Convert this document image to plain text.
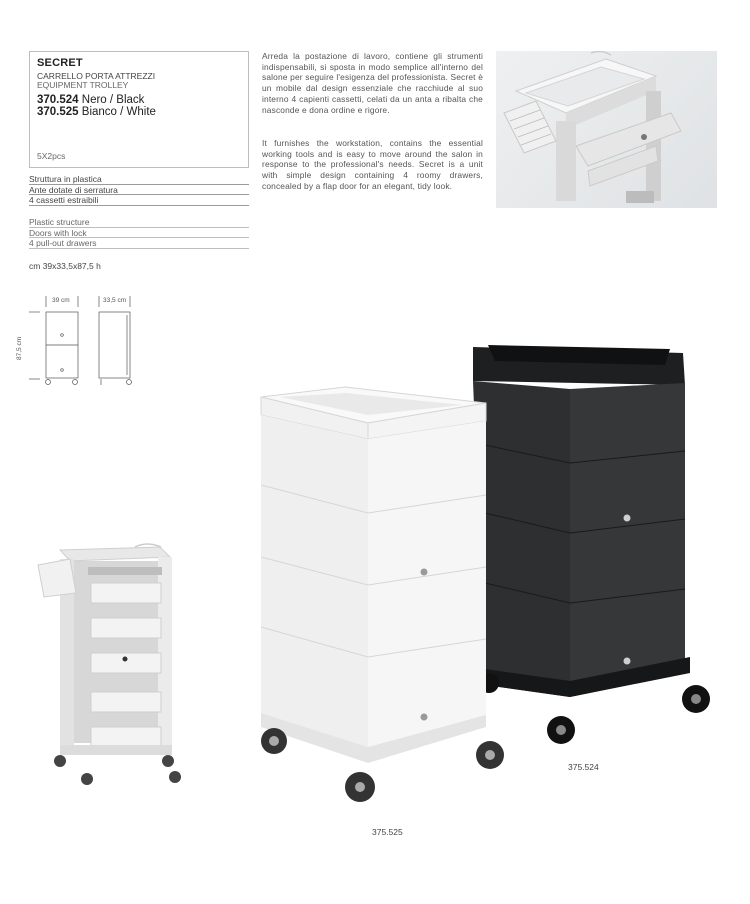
SECRET
CARRELLO PORTA ATTREZZI
EQUIPMENT TROLLEY
370.524 Nero / Black
370.525 Bianco / White
5X2pcs
Struttura in plastica
Ante dotate di serratura
4 cassetti estraibili
Plastic structure
Doors with lock
4 pull-out drawers
cm 39x33,5x87,5 h
39 cm	33,5 cm
87,5 cm
Arreda la postazione di lavoro, contiene gli strumenti indispensabili, si sposta in modo semplice all'interno del salone per seguire l'esigenza del professionista. Secret è un mobile dal design essenziale che racchiude al suo interno 4 capienti cassetti, celati da un anta a ribalta che nasconde e dona ordine e rigore.
It furnishes the workstation, contains the essential working tools and is easy to move around the salon in response to the professional's needs. Secret is a unit with simple design containing 4 roomy drawers, concealed by a flap door for an elegant, tidy look.
375.524
375.525
